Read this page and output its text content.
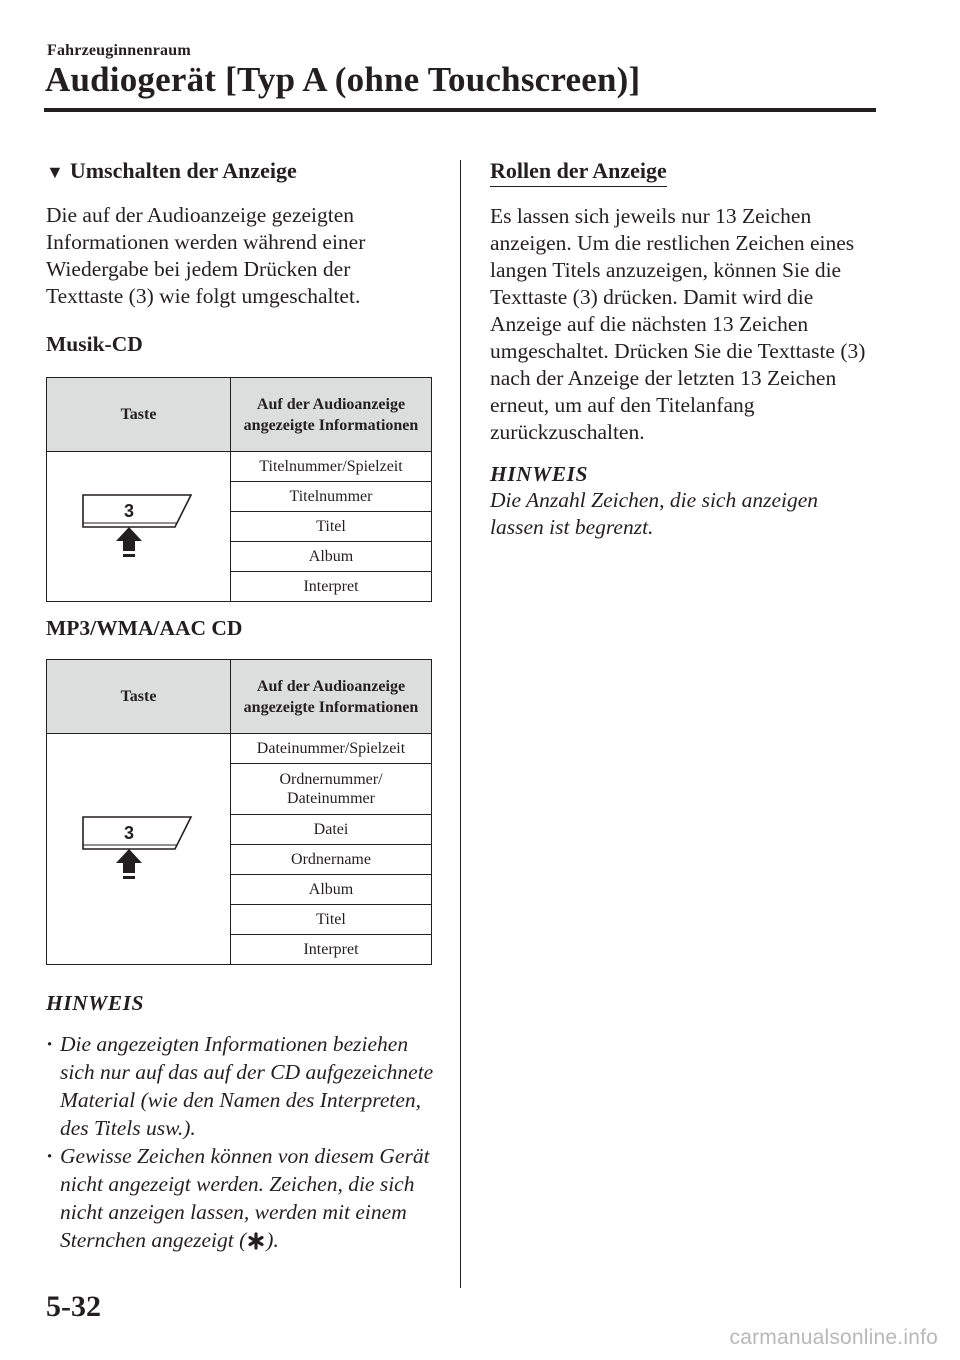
Fahrzeuginnenraum
Audiogerät [Typ A (ohne Touchscreen)]
▼ Umschalten der Anzeige

Die auf der Audioanzeige gezeigten Informationen werden während einer Wiedergabe bei jedem Drücken der Texttaste (3) wie folgt umgeschaltet.

Musik-CD

Taste	Auf der Audioanzeige angezeigte Informationen

3	Titelnummer/Spielzeit
	Titelnummer
	Titel
	Album
	Interpret

MP3/WMA/AAC CD

Taste	Auf der Audioanzeige angezeigte Informationen

3	Dateinummer/Spielzeit
	Ordnernummer/ Dateinummer
	Datei
	Ordnername
	Album
	Titel
	Interpret

HINWEIS

· Die angezeigten Informationen beziehen sich nur auf das auf der CD aufgezeichnete Material (wie den Namen des Interpreten, des Titels usw.).
· Gewisse Zeichen können von diesem Gerät nicht angezeigt werden. Zeichen, die sich nicht anzeigen lassen, werden mit einem Sternchen angezeigt ( ).
Rollen der Anzeige

Es lassen sich jeweils nur 13 Zeichen anzeigen. Um die restlichen Zeichen eines langen Titels anzuzeigen, können Sie die Texttaste (3) drücken. Damit wird die Anzeige auf die nächsten 13 Zeichen umgeschaltet. Drücken Sie die Texttaste (3) nach der Anzeige der letzten 13 Zeichen erneut, um auf den Titelanfang zurückzuschalten.

HINWEIS

Die Anzahl Zeichen, die sich anzeigen lassen ist begrenzt.

5-32
carmanualsonline.info
